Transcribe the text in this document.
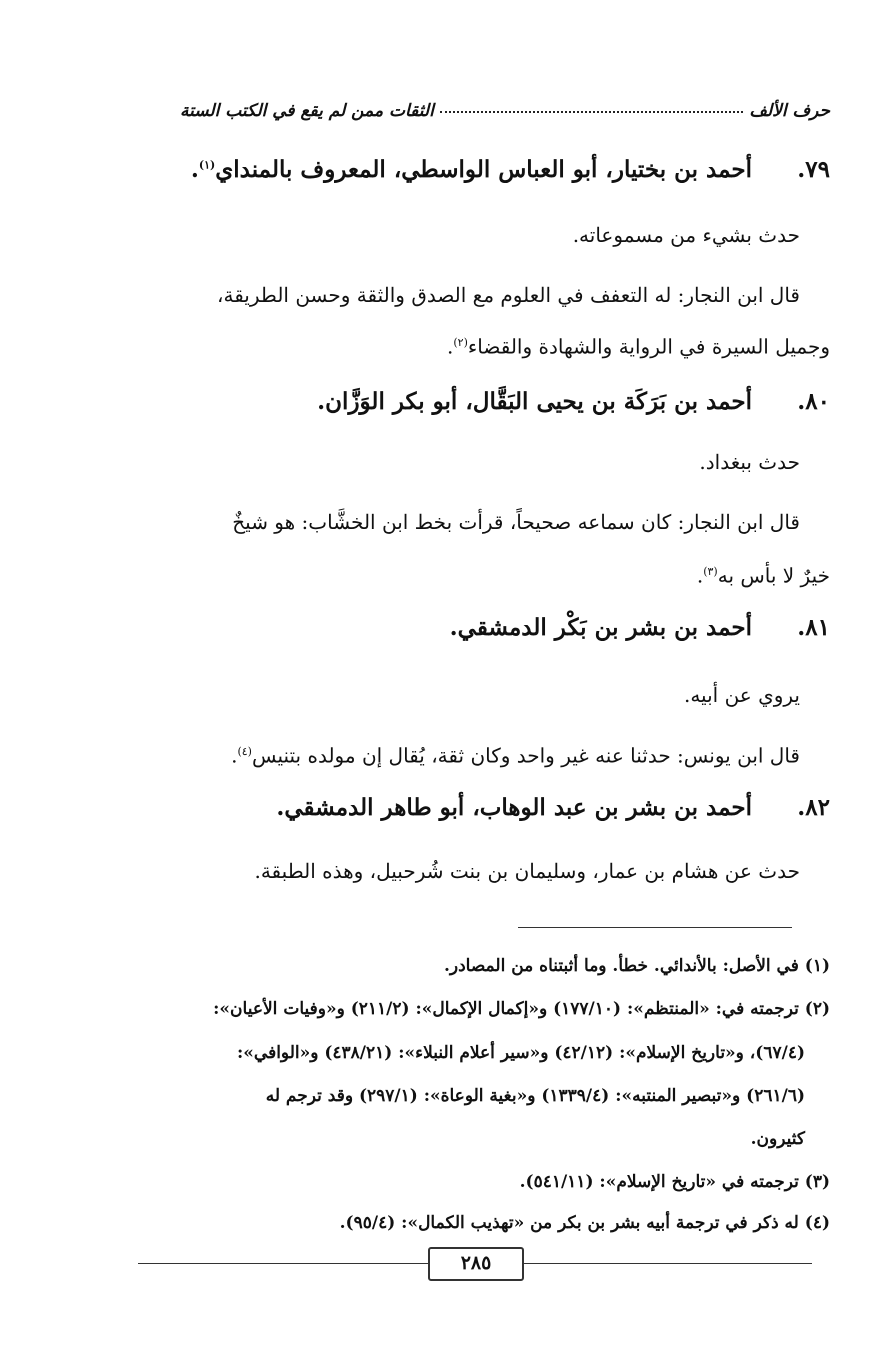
حرف الألف
الثقات ممن لم يقع في الكتب الستة
٧٩.أحمد بن بختيار، أبو العباس الواسطي، المعروف بالمنداي$^{(١)}$.
حدث بشيء من مسموعاته.
قال ابن النجار: له التعفف في العلوم مع الصدق والثقة وحسن الطريقة،
وجميل السيرة في الرواية والشهادة والقضاء$^{(٢)}$.
٨٠.أحمد بن بَرَكَة بن يحيى البَقَّال، أبو بكر الوَزَّان.
حدث ببغداد.
قال ابن النجار: كان سماعه صحيحاً، قرأت بخط ابن الخشَّاب: هو شيخٌ
خيرٌ لا بأس به$^{(٣)}$.
٨١.أحمد بن بشر بن بَكْر الدمشقي.
يروي عن أبيه.
قال ابن يونس: حدثنا عنه غير واحد وكان ثقة، يُقال إن مولده بتنيس$^{(٤)}$.
٨٢.أحمد بن بشر بن عبد الوهاب، أبو طاهر الدمشقي.
حدث عن هشام بن عمار، وسليمان بن بنت شُرحبيل، وهذه الطبقة.
(١) في الأصل: بالأندائي. خطأ. وما أثبتناه من المصادر.
(٢) ترجمته في: «المنتظم»: (١٧٧/١٠) و«إكمال الإكمال»: (٢١١/٢) و«وفيات الأعيان»:
(٦٧/٤)، و«تاريخ الإسلام»: (٤٢/١٢) و«سير أعلام النبلاء»: (٤٣٨/٢١) و«الوافي»:
(٢٦١/٦) و«تبصير المنتبه»: (١٣٣٩/٤) و«بغية الوعاة»: (٢٩٧/١) وقد ترجم له
كثيرون.
(٣) ترجمته في «تاريخ الإسلام»: (٥٤١/١١).
(٤) له ذكر في ترجمة أبيه بشر بن بكر من «تهذيب الكمال»: (٩٥/٤).
٢٨٥
